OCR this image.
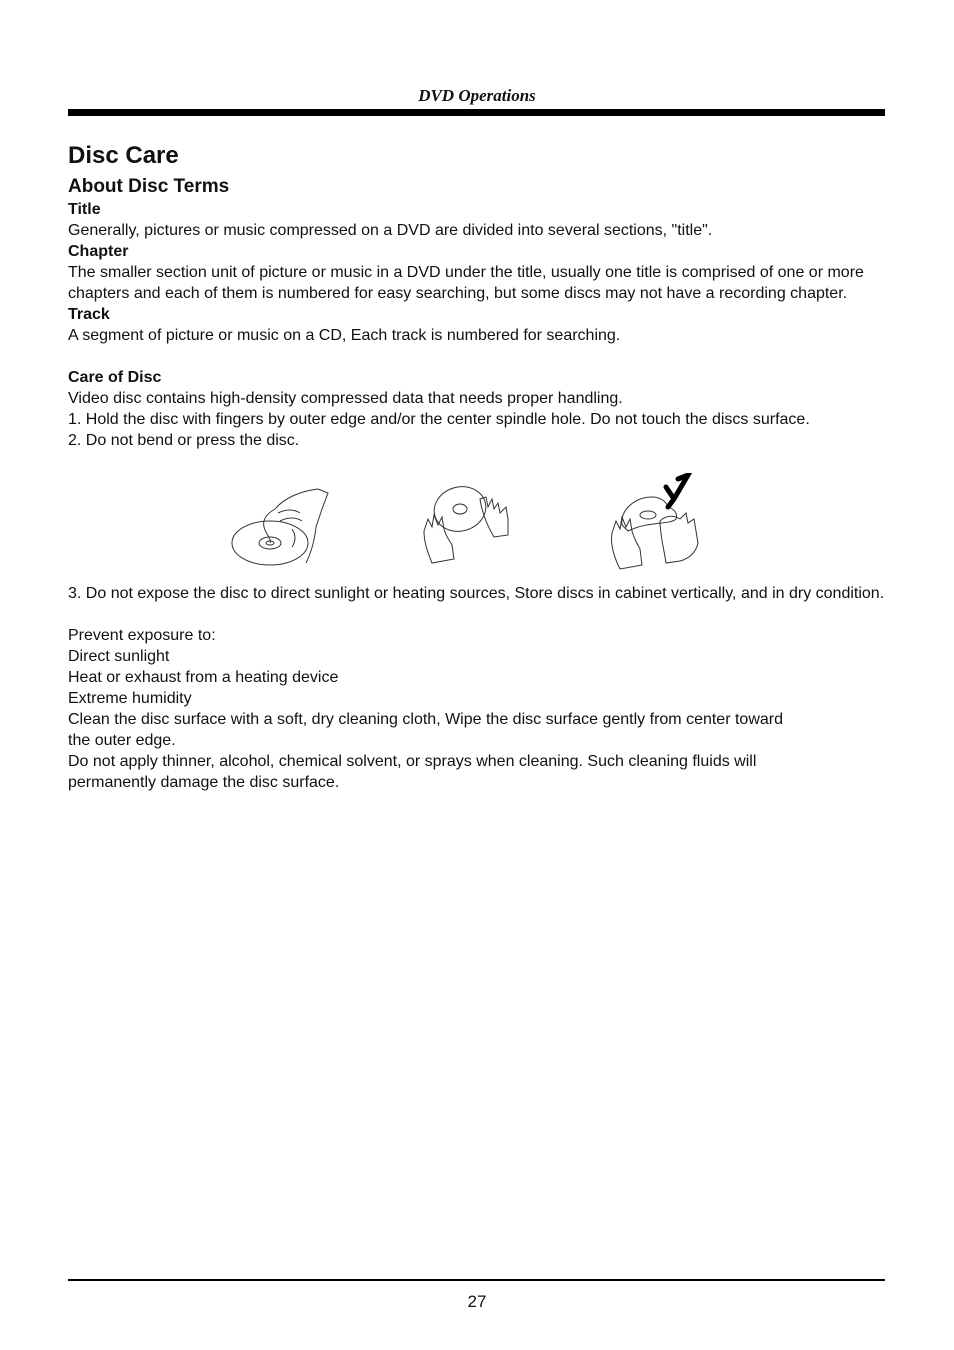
DVD Operations
Disc Care
About Disc Terms

Title

Generally, pictures or music compressed on a DVD are divided into several sections, "title".

Chapter

The smaller section unit of picture or music in a DVD under the title, usually one title is comprised of one or more chapters and each of them is numbered for easy searching, but some discs may not have a recording chapter.

Track

A segment of picture or music on a CD, Each track is numbered for searching.

Care of Disc

Video disc contains high-density compressed data that needs proper handling.

1. Hold the disc with fingers by outer edge and/or the center spindle hole. Do not touch the discs surface.

2. Do not bend or press the disc.

3. Do not expose the disc to direct sunlight or heating sources, Store discs in cabinet vertically, and in dry condition.

Prevent exposure to:

Direct sunlight

Heat or exhaust from a heating device

Extreme humidity

Clean the disc surface with a soft, dry cleaning cloth, Wipe the disc surface gently from center toward the outer edge.

Do not apply thinner, alcohol, chemical solvent, or sprays when cleaning. Such cleaning fluids will permanently damage the disc surface.

27
